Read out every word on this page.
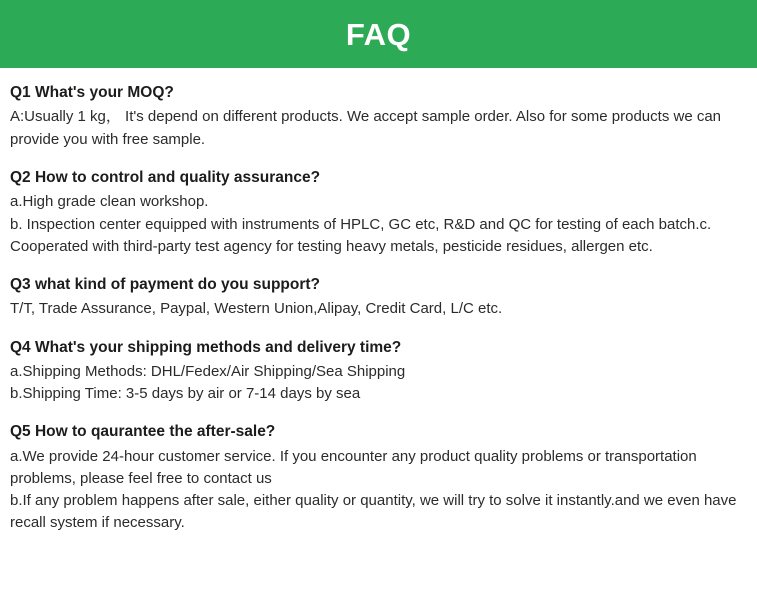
FAQ
Q1 What's your MOQ?
A:Usually 1 kg， It's depend on different products. We accept sample order. Also for some products we can provide you with free sample.
Q2 How to control and quality assurance?
a.High grade clean workshop.
b. Inspection center equipped with instruments of HPLC, GC etc, R&D and QC for testing of each batch.c. Cooperated with third-party test agency for testing heavy metals, pesticide residues, allergen etc.
Q3 what kind of payment do you support?
T/T, Trade Assurance, Paypal, Western Union,Alipay, Credit Card, L/C etc.
Q4 What's your shipping methods and delivery time?
a.Shipping Methods: DHL/Fedex/Air Shipping/Sea Shipping
b.Shipping Time: 3-5 days by air or 7-14 days by sea
Q5 How to qaurantee the after-sale?
a.We provide 24-hour customer service. If you encounter any product quality problems or transportation problems, please feel free to contact us
b.If any problem happens after sale, either quality or quantity, we will try to solve it instantly.and we even have recall system if necessary.
